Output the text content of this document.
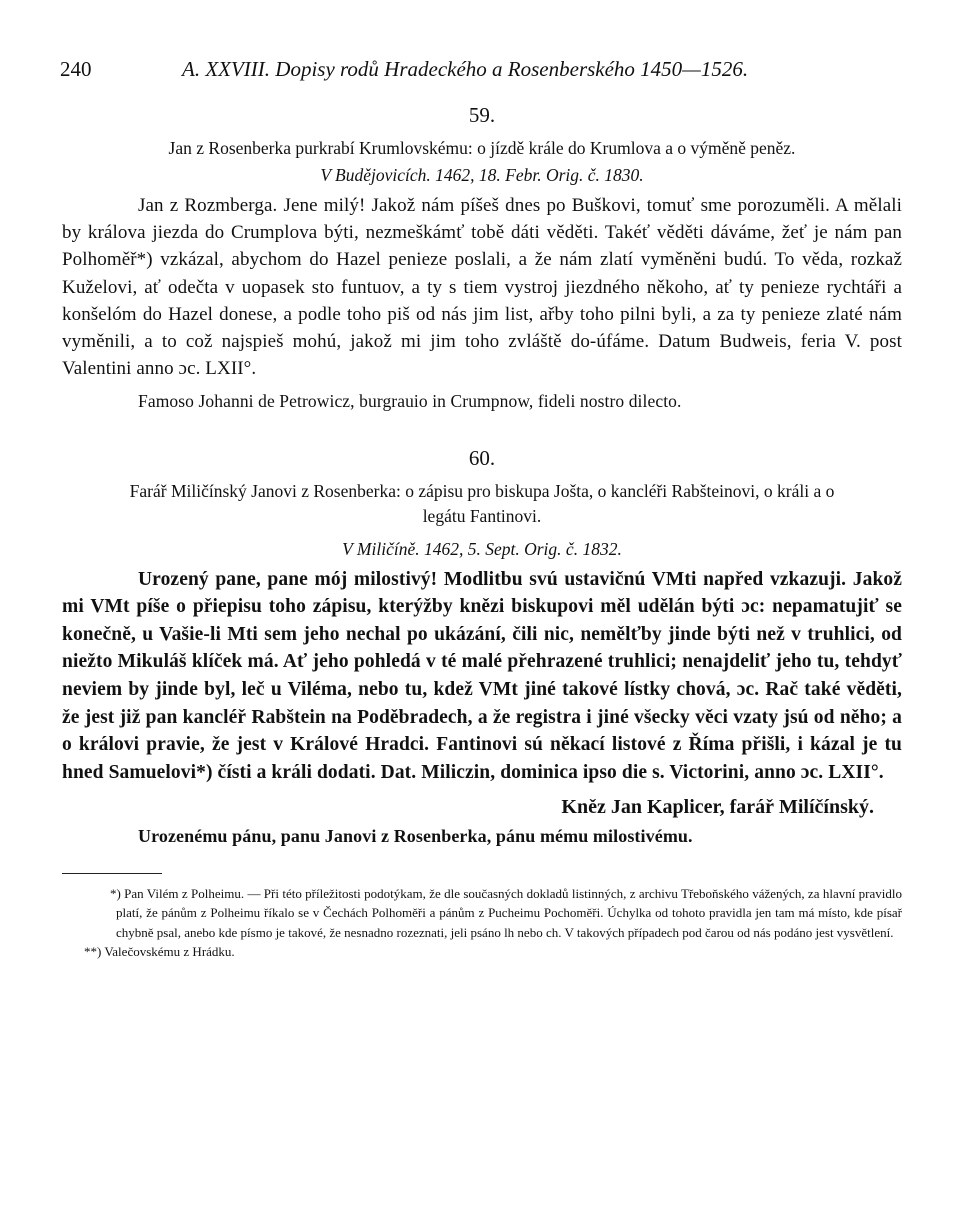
240	A. XXVIII. Dopisy rodů Hradeckého a Rosenberského 1450—1526.
59.
Jan z Rosenberka purkrabí Krumlovskému: o jízdě krále do Krumlova a o výměně peněz.
V Budějovicích. 1462, 18. Febr. Orig. č. 1830.

Jan z Rozmberga. Jene milý! Jakož nám píšeš dnes po Buškovi, tomuť sme porozuměli. A mělali by králova jiezda do Crumplova býti, nezmeškámť tobě dáti věděti. Takéť věděti dáváme, žeť je nám pan Polhoměř*) vzkázal, abychom do Hazel penieze poslali, a že nám zlatí vyměněni budú. To věda, rozkaž Kuželovi, ať odečta v uopasek sto funtuov, a ty s tiem vystroj jiezdného někoho, ať ty penieze rychtáři a konšelóm do Hazel donese, a podle toho piš od nás jim list, ařby toho pilni byli, a za ty penieze zlaté nám vyměnili, a to což najspieš mohú, jakož mi jim toho zvláště do-úfáme. Datum Budweis, feria V. post Valentini anno ɔc. LXII°.

Famoso Johanni de Petrowicz, burgrauio in Crumpnow, fideli nostro dilecto.

60.
Farář Miličínský Janovi z Rosenberka: o zápisu pro biskupa Jošta, o kancléři Rabšteinovi, o králi a o legátu Fantinovi.
V Miličíně. 1462, 5. Sept. Orig. č. 1832.

Urozený pane, pane mój milostivý! Modlitbu svú ustavičnú VMti napřed vzkazuji. Jakož mi VMt píše o přiepisu toho zápisu, kterýžby knězi biskupovi měl udělán býti ɔc: nepamatujiť se konečně, u Vašie-li Mti sem jeho nechal po ukázání, čili nic, nemělťby jinde býti než v truhlici, od niežto Mikuláš klíček má. Ať jeho pohledá v té malé přehrazené truhlici; nenajdeliť jeho tu, tehdyť neviem by jinde byl, leč u Viléma, nebo tu, kdež VMt jiné takové lístky chová, ɔc. Rač také věděti, že jest již pan kancléř Rabštein na Poděbradech, a že registra i jiné všecky věci vzaty jsú od něho; a o královi pravie, že jest v Králové Hradci. Fantinovi sú někací listové z Říma přišli, i kázal je tu hned Samuelovi*) čísti a králi dodati. Dat. Miliczin, dominica ipso die s. Victorini, anno ɔc. LXII°.

Kněz Jan Kaplicer, farář Milíčínský.

Urozenému pánu, panu Janovi z Rosenberka, pánu mému milostivému.

*) Pan Vilém z Polheimu. — Při této příležitosti podotýkam, že dle současných dokladů listinných, z archivu Třeboňského vážených, za hlavní pravidlo platí, že pánům z Polheimu říkalo se v Čechách Polhoměři a pánům z Pucheimu Pochoměři. Úchylka od tohoto pravidla jen tam má místo, kde písař chybně psal, anebo kde písmo je takové, že nesnadno rozeznati, jeli psáno lh nebo ch. V takových případech pod čarou od nás podáno jest vysvětlení.

**) Valečovskému z Hrádku.
